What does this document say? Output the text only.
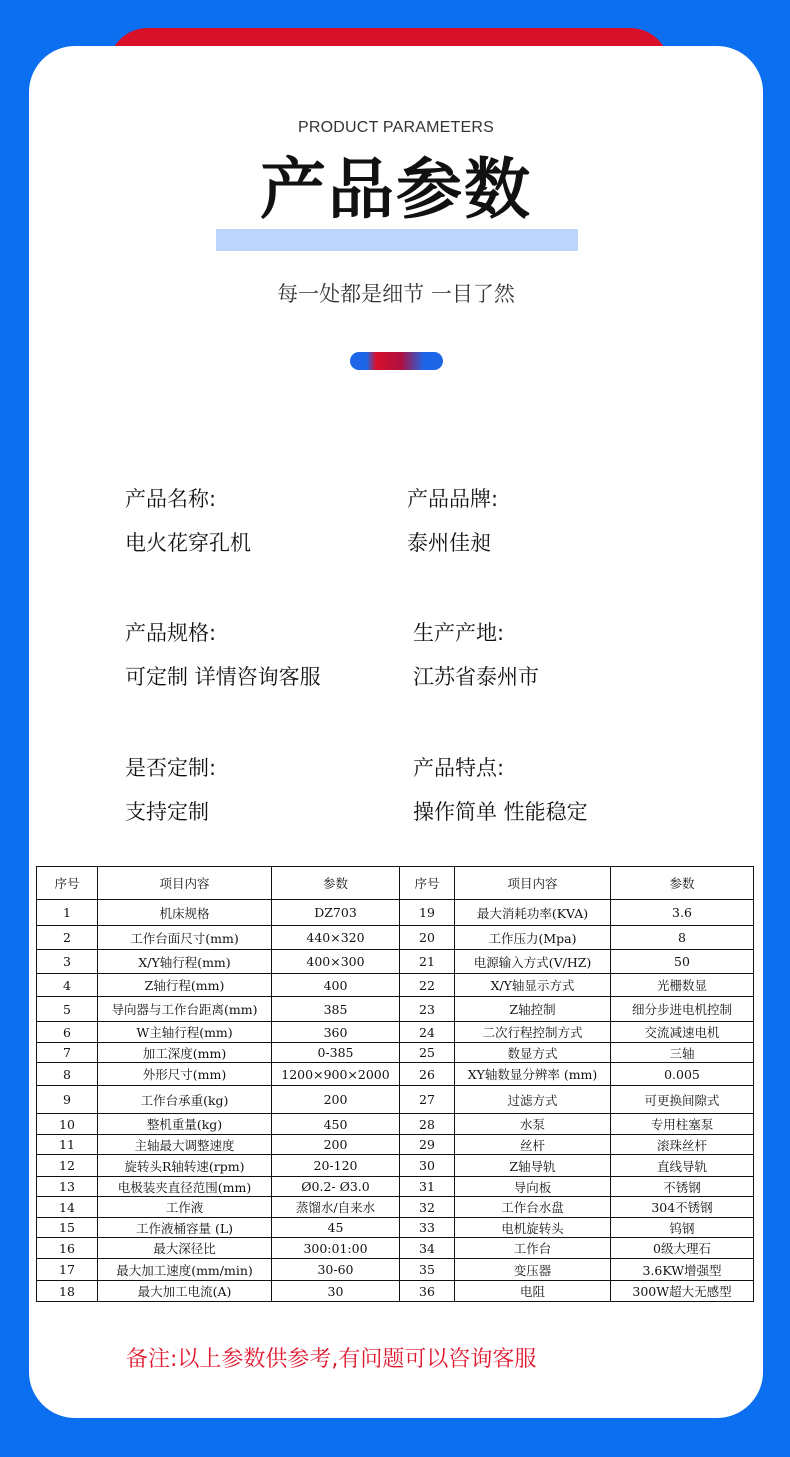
PRODUCT PARAMETERS
产品参数
每一处都是细节 一目了然
产品名称:
电火花穿孔机
产品品牌:
泰州佳昶
产品规格:
可定制 详情咨询客服
生产产地:
江苏省泰州市
是否定制:
支持定制
产品特点:
操作简单 性能稳定
序号	项目内容	参数	序号	项目内容	参数
1	机床规格	DZ703	19	最大消耗功率(KVA)	3.6
2	工作台面尺寸(mm)	440×320	20	工作压力(Mpa)	8
3	X/Y轴行程(mm)	400×300	21	电源输入方式(V/HZ)	50
4	Z轴行程(mm)	400	22	X/Y轴显示方式	光栅数显
5	导向器与工作台距离(mm)	385	23	Z轴控制	细分步进电机控制
6	W主轴行程(mm)	360	24	二次行程控制方式	交流减速电机
7	加工深度(mm)	0-385	25	数显方式	三轴
8	外形尺寸(mm)	1200×900×2000	26	XY轴数显分辨率 (mm)	0.005
9	工作台承重(kg)	200	27	过滤方式	可更换间隙式
10	整机重量(kg)	450	28	水泵	专用柱塞泵
11	主轴最大调整速度	200	29	丝杆	滚珠丝杆
12	旋转头R轴转速(rpm)	20-120	30	Z轴导轨	直线导轨
13	电极装夹直径范围(mm)	Ø0.2- Ø3.0	31	导向板	不锈钢
14	工作液	蒸馏水/自来水	32	工作台水盘	304不锈钢
15	工作液桶容量 (L)	45	33	电机旋转头	钨钢
16	最大深径比	300:01:00	34	工作台	0级大理石
17	最大加工速度(mm/min)	30-60	35	变压器	3.6KW增强型
18	最大加工电流(A)	30	36	电阻	300W超大无感型
备注:以上参数供参考,有问题可以咨询客服
